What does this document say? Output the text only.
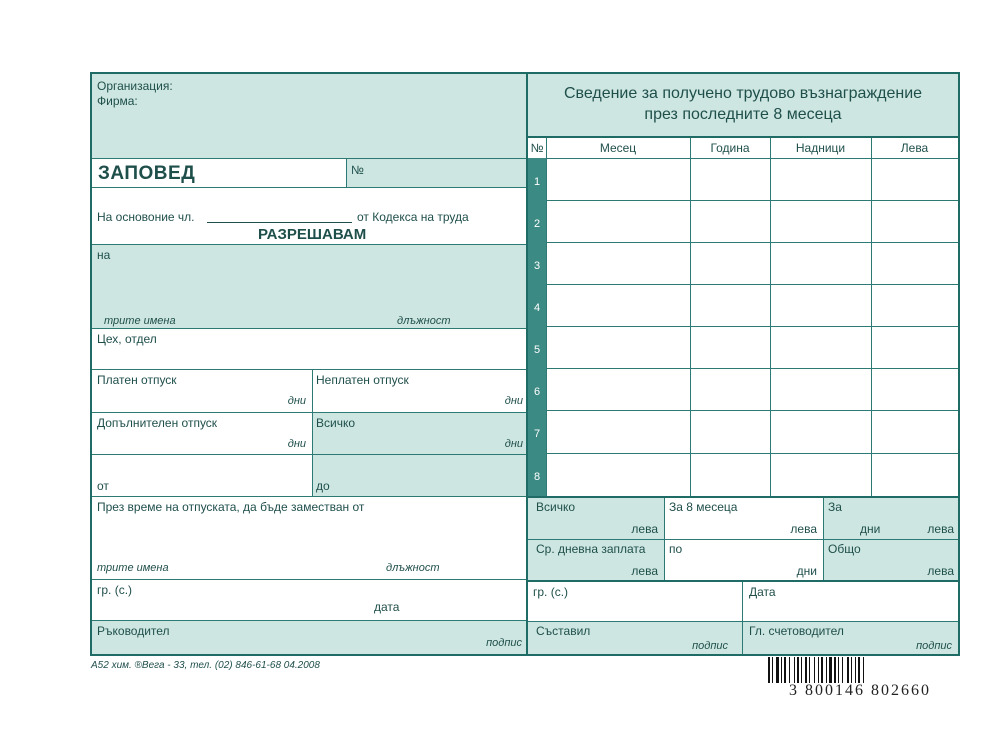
Организация:
Фирма:
ЗАПОВЕД	№
На основоние чл.	от Кодекса на труда
РАЗРЕШАВАМ
на
трите имена	длъжност
Цех, отдел
Платен отпуск
дни
Неплатен отпуск
дни
Допълнителен отпуск
дни
Всичко
дни
от	до
През време на отпуската, да бъде заместван от
трите имена	длъжност
гр. (с.)
дата
Ръководител
подпис
Сведение за получено трудово възнаграждение
през последните 8 месеца
№	Месец	Година	Надници	Лева
1
2
3
4
5
6
7
8
Всичко
лева
За 8 месеца
лева
За
дни	лева
Ср. дневна заплата
лева
по
дни
Общо
лева
гр. (с.)	Дата
Съставил
подпис
Гл. счетоводител
подпис
А52 хим. ®Вега - 33, тел. (02) 846-61-68 04.2008
3 800146 802660
